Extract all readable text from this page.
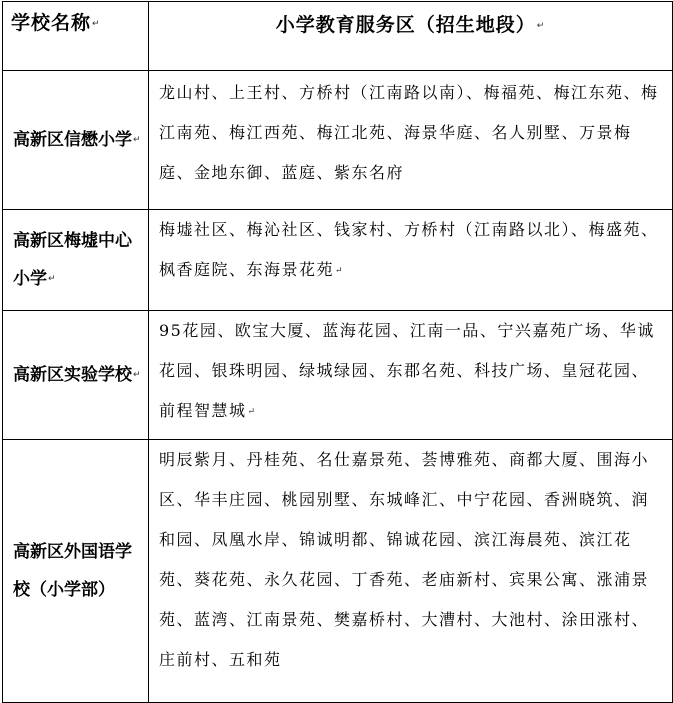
学校名称↵	小学教育服务区（招生地段）↵
高新区信懋小学↵	龙山村、上王村、方桥村（江南路以南）、梅福苑、梅江东苑、梅江南苑、梅江西苑、梅江北苑、海景华庭、名人别墅、万景梅庭、金地东御、蓝庭、紫东名府
高新区梅墟中心小学↵	梅墟社区、梅沁社区、钱家村、方桥村（江南路以北）、梅盛苑、枫香庭院、东海景花苑↵
高新区实验学校↵	95花园、欧宝大厦、蓝海花园、江南一品、宁兴嘉苑广场、华诚花园、银珠明园、绿城绿园、东郡名苑、科技广场、皇冠花园、前程智慧城↵
高新区外国语学校（小学部）	明辰紫月、丹桂苑、名仕嘉景苑、荟博雅苑、商都大厦、围海小区、华丰庄园、桃园别墅、东城峰汇、中宁花园、香洲晓筑、润和园、凤凰水岸、锦诚明都、锦诚花园、滨江海晨苑、滨江花苑、葵花苑、永久花园、丁香苑、老庙新村、宾果公寓、涨浦景苑、蓝湾、江南景苑、樊嘉桥村、大漕村、大池村、涂田涨村、庄前村、五和苑
